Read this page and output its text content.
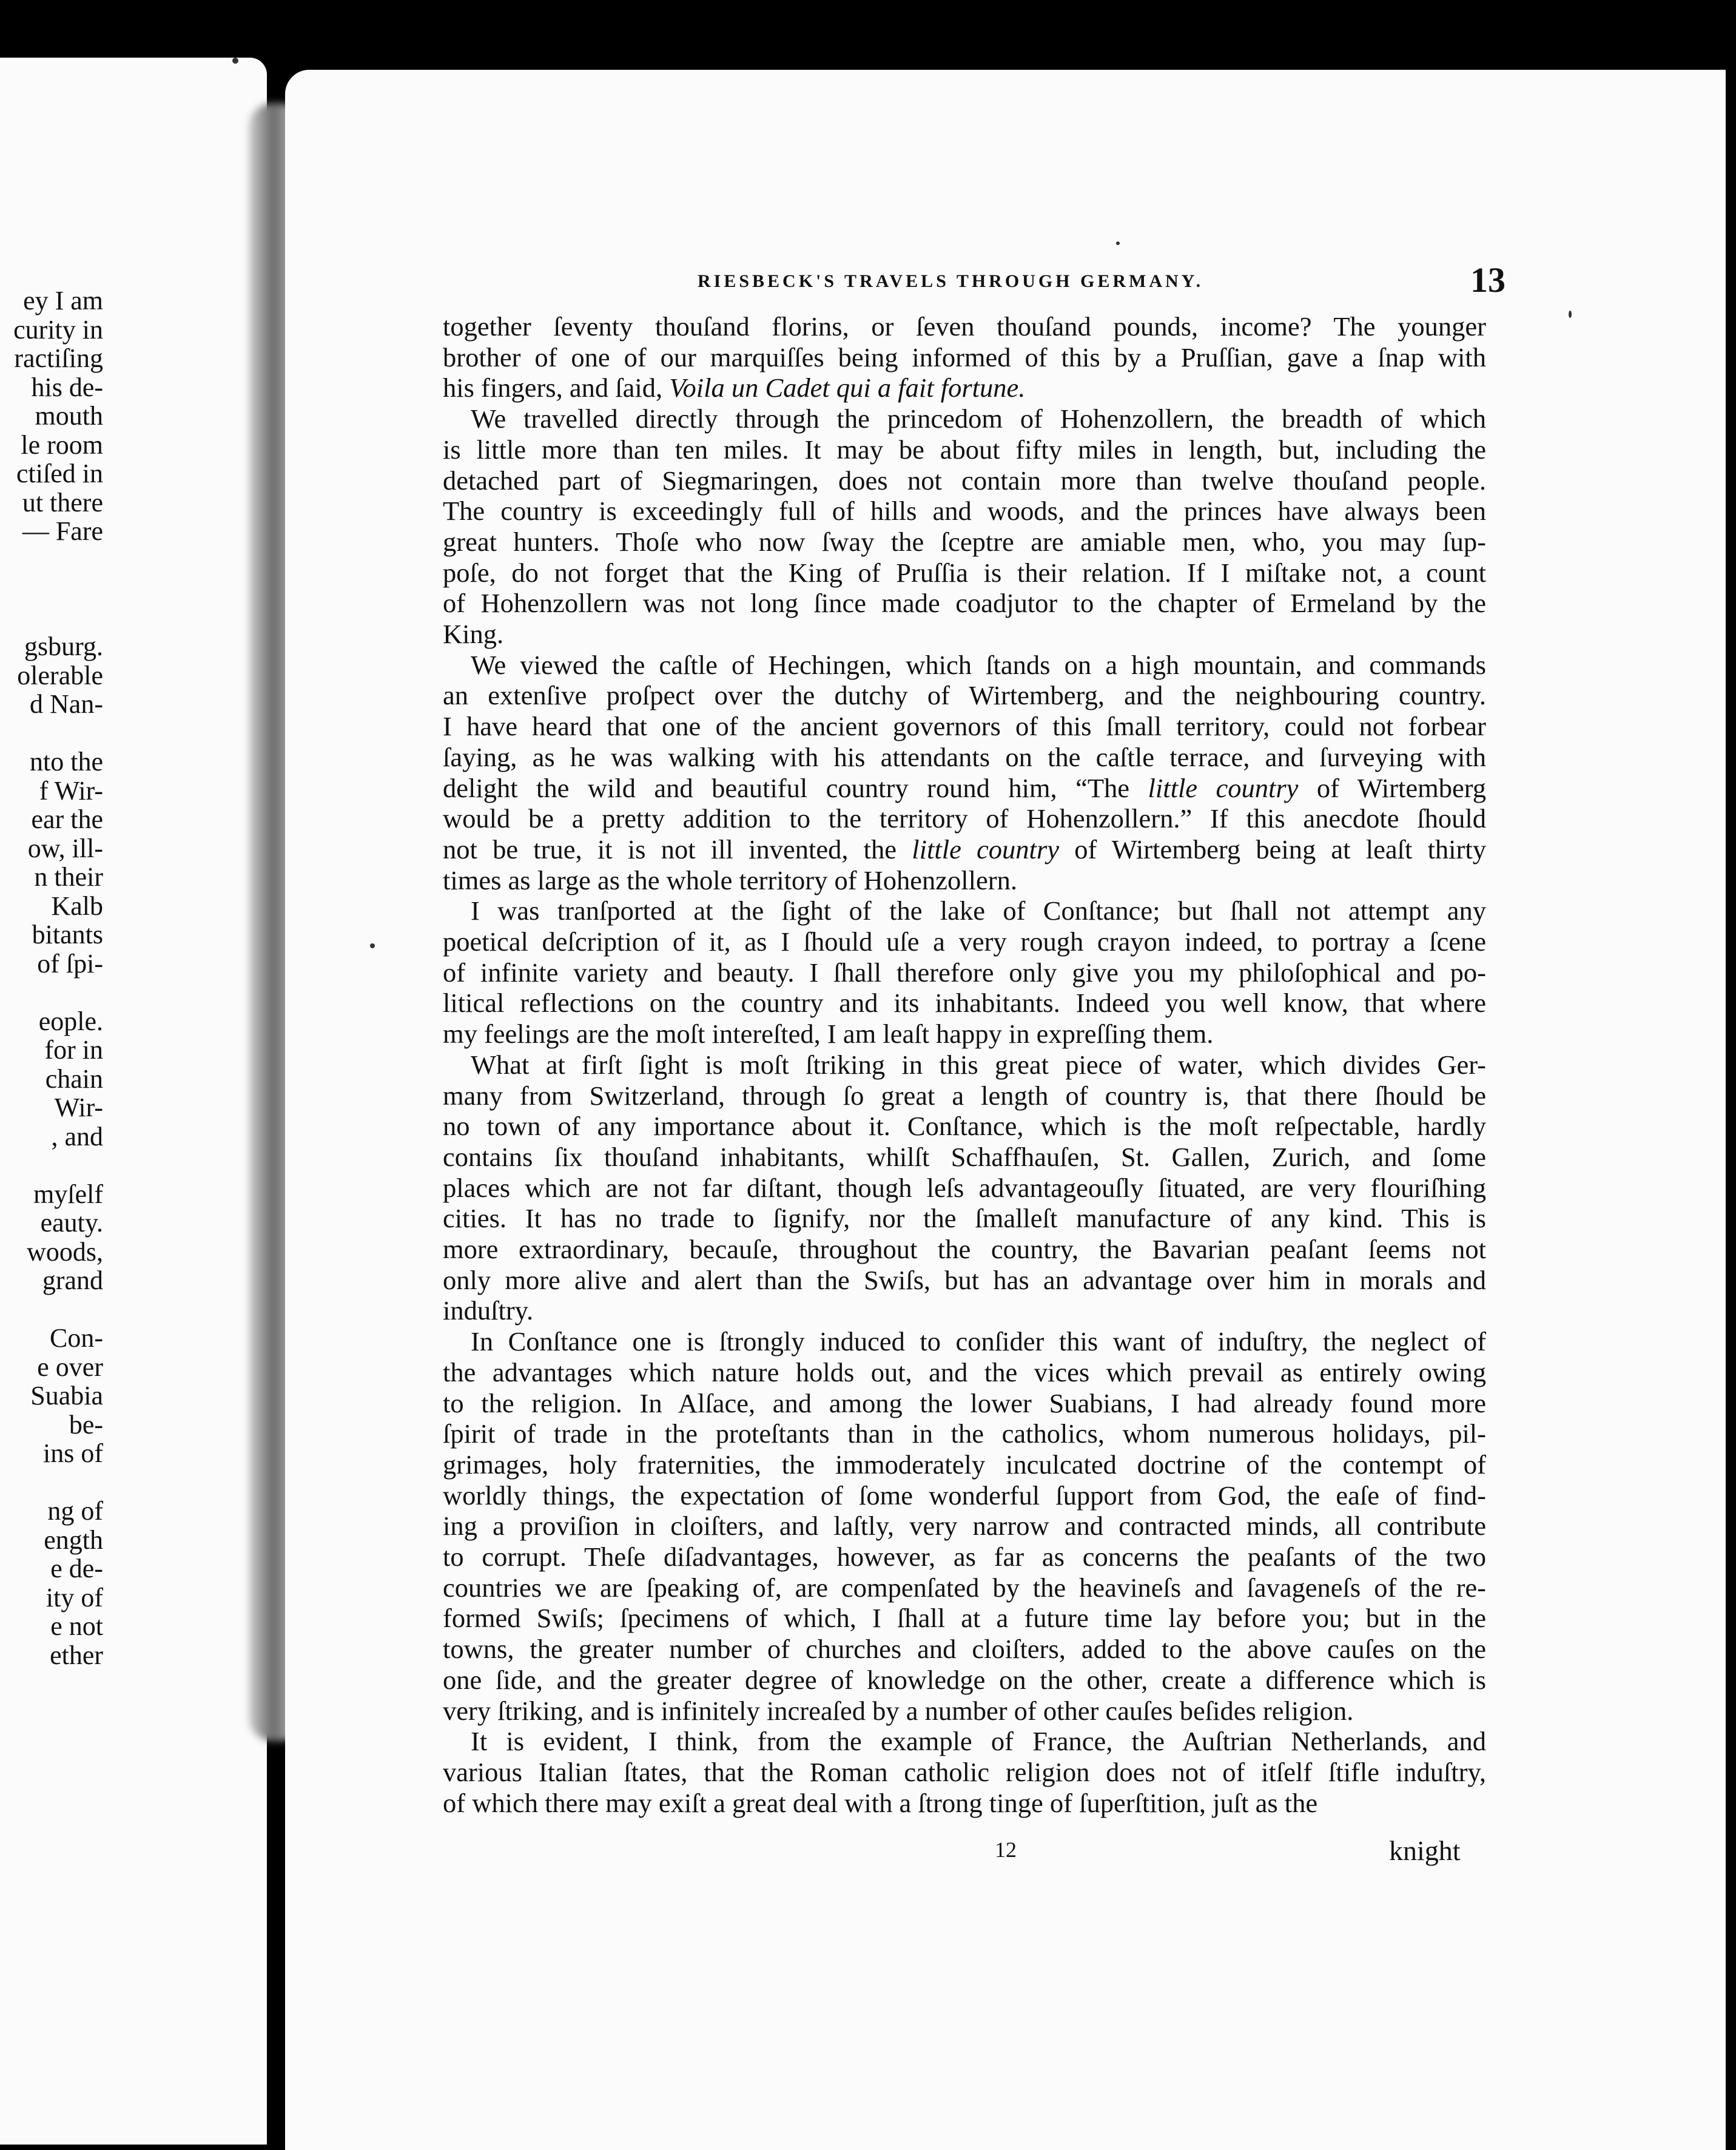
ey I am
curity in
ractiſing
his de-
mouth
le room
ctiſed in
ut there
— Fare
gsburg.
olerable
d Nan-
nto the
f Wir-
ear the
ow, ill-
n their
Kalb
bitants
of ſpi-
eople.
for in
chain
Wir-
, and
myſelf
eauty.
woods,
grand
Con-
e over
Suabia
be-
ins of
ng of
ength
e de-
ity of
e not
ether
RIESBECK'S TRAVELS THROUGH GERMANY.	13
together ſeventy thouſand florins, or ſeven thouſand pounds, income? The younger
brother of one of our marquiſſes being informed of this by a Pruſſian, gave a ſnap with
his fingers, and ſaid, Voila un Cadet qui a fait fortune.
We travelled directly through the princedom of Hohenzollern, the breadth of which
is little more than ten miles. It may be about fifty miles in length, but, including the
detached part of Siegmaringen, does not contain more than twelve thouſand people.
The country is exceedingly full of hills and woods, and the princes have always been
great hunters. Thoſe who now ſway the ſceptre are amiable men, who, you may ſup-
poſe, do not forget that the King of Pruſſia is their relation. If I miſtake not, a count
of Hohenzollern was not long ſince made coadjutor to the chapter of Ermeland by the
King.
We viewed the caſtle of Hechingen, which ſtands on a high mountain, and commands
an extenſive proſpect over the dutchy of Wirtemberg, and the neighbouring country.
I have heard that one of the ancient governors of this ſmall territory, could not forbear
ſaying, as he was walking with his attendants on the caſtle terrace, and ſurveying with
delight the wild and beautiful country round him, “The little country of Wirtemberg
would be a pretty addition to the territory of Hohenzollern.” If this anecdote ſhould
not be true, it is not ill invented, the little country of Wirtemberg being at leaſt thirty
times as large as the whole territory of Hohenzollern.
I was tranſported at the ſight of the lake of Conſtance; but ſhall not attempt any
poetical deſcription of it, as I ſhould uſe a very rough crayon indeed, to portray a ſcene
of infinite variety and beauty. I ſhall therefore only give you my philoſophical and po-
litical reflections on the country and its inhabitants. Indeed you well know, that where
my feelings are the moſt intereſted, I am leaſt happy in expreſſing them.
What at firſt ſight is moſt ſtriking in this great piece of water, which divides Ger-
many from Switzerland, through ſo great a length of country is, that there ſhould be
no town of any importance about it. Conſtance, which is the moſt reſpectable, hardly
contains ſix thouſand inhabitants, whilſt Schaffhauſen, St. Gallen, Zurich, and ſome
places which are not far diſtant, though leſs advantageouſly ſituated, are very flouriſhing
cities. It has no trade to ſignify, nor the ſmalleſt manufacture of any kind. This is
more extraordinary, becauſe, throughout the country, the Bavarian peaſant ſeems not
only more alive and alert than the Swiſs, but has an advantage over him in morals and
induſtry.
In Conſtance one is ſtrongly induced to conſider this want of induſtry, the neglect of
the advantages which nature holds out, and the vices which prevail as entirely owing
to the religion. In Alſace, and among the lower Suabians, I had already found more
ſpirit of trade in the proteſtants than in the catholics, whom numerous holidays, pil-
grimages, holy fraternities, the immoderately inculcated doctrine of the contempt of
worldly things, the expectation of ſome wonderful ſupport from God, the eaſe of find-
ing a proviſion in cloiſters, and laſtly, very narrow and contracted minds, all contribute
to corrupt. Theſe diſadvantages, however, as far as concerns the peaſants of the two
countries we are ſpeaking of, are compenſated by the heavineſs and ſavageneſs of the re-
formed Swiſs; ſpecimens of which, I ſhall at a future time lay before you; but in the
towns, the greater number of churches and cloiſters, added to the above cauſes on the
one ſide, and the greater degree of knowledge on the other, create a difference which is
very ſtriking, and is infinitely increaſed by a number of other cauſes beſides religion.
It is evident, I think, from the example of France, the Auſtrian Netherlands, and
various Italian ſtates, that the Roman catholic religion does not of itſelf ſtifle induſtry,
of which there may exiſt a great deal with a ſtrong tinge of ſuperſtition, juſt as the
12	knight
